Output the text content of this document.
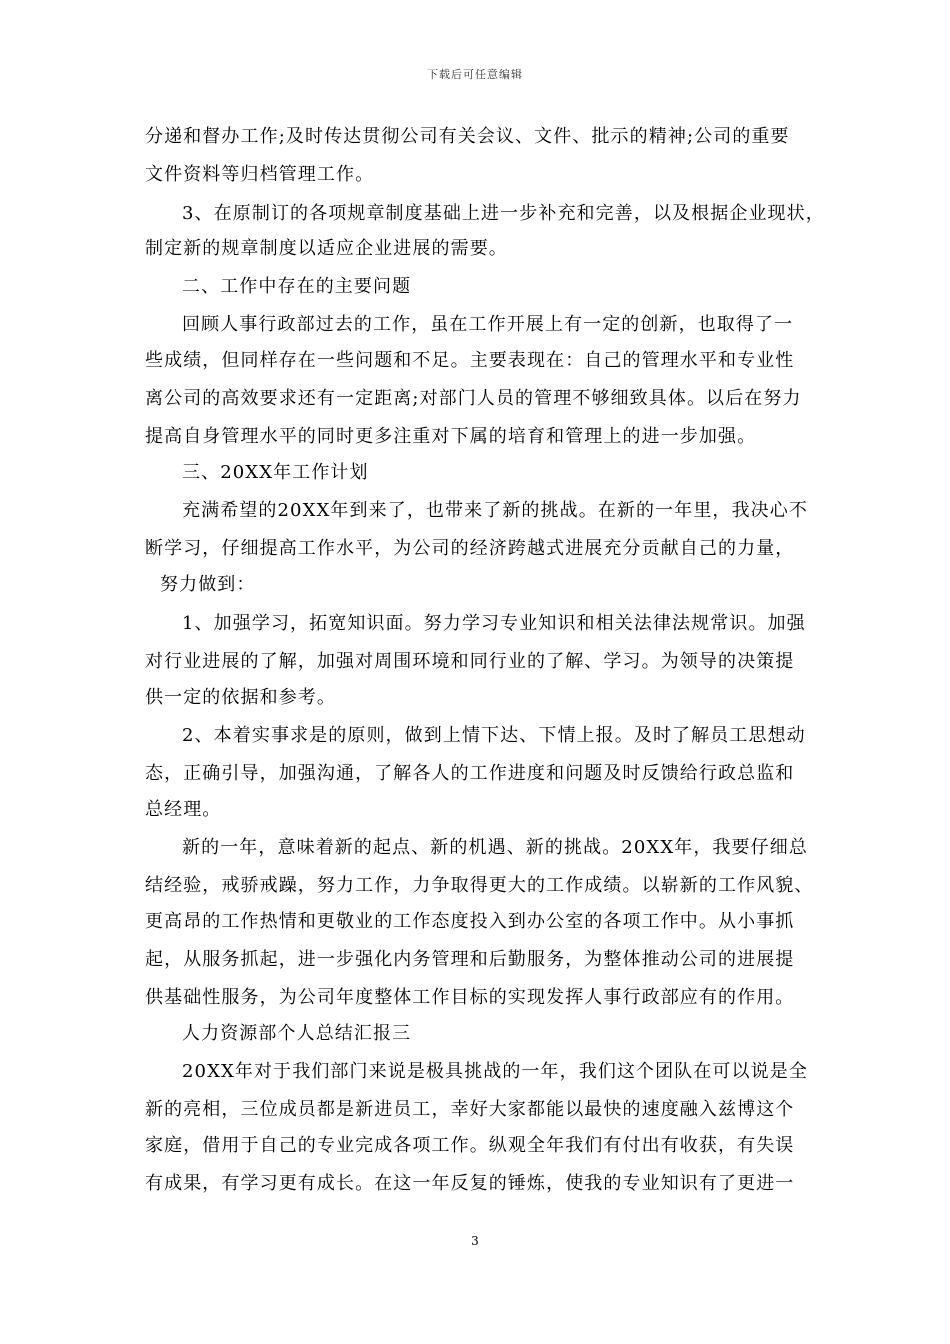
下载后可任意编辑
分递和督办工作;及时传达贯彻公司有关会议、文件、批示的精神;公司的重要
文件资料等归档管理工作。
3、在原制订的各项规章制度基础上进一步补充和完善，以及根据企业现状，
制定新的规章制度以适应企业进展的需要。
二、工作中存在的主要问题
回顾人事行政部过去的工作，虽在工作开展上有一定的创新，也取得了一
些成绩，但同样存在一些问题和不足。主要表现在：自己的管理水平和专业性
离公司的高效要求还有一定距离;对部门人员的管理不够细致具体。以后在努力
提高自身管理水平的同时更多注重对下属的培育和管理上的进一步加强。
三、20XX年工作计划
充满希望的20XX年到来了，也带来了新的挑战。在新的一年里，我决心不
断学习，仔细提高工作水平，为公司的经济跨越式进展充分贡献自己的力量，
努力做到：
1、加强学习，拓宽知识面。努力学习专业知识和相关法律法规常识。加强
对行业进展的了解，加强对周围环境和同行业的了解、学习。为领导的决策提
供一定的依据和参考。
2、本着实事求是的原则，做到上情下达、下情上报。及时了解员工思想动
态，正确引导，加强沟通，了解各人的工作进度和问题及时反馈给行政总监和
总经理。
新的一年，意味着新的起点、新的机遇、新的挑战。20XX年，我要仔细总
结经验，戒骄戒躁，努力工作，力争取得更大的工作成绩。以崭新的工作风貌、
更高昂的工作热情和更敬业的工作态度投入到办公室的各项工作中。从小事抓
起，从服务抓起，进一步强化内务管理和后勤服务，为整体推动公司的进展提
供基础性服务，为公司年度整体工作目标的实现发挥人事行政部应有的作用。
人力资源部个人总结汇报三
20XX年对于我们部门来说是极具挑战的一年，我们这个团队在可以说是全
新的亮相，三位成员都是新进员工，幸好大家都能以最快的速度融入兹博这个
家庭，借用于自己的专业完成各项工作。纵观全年我们有付出有收获，有失误
有成果，有学习更有成长。在这一年反复的锤炼，使我的专业知识有了更进一
3
